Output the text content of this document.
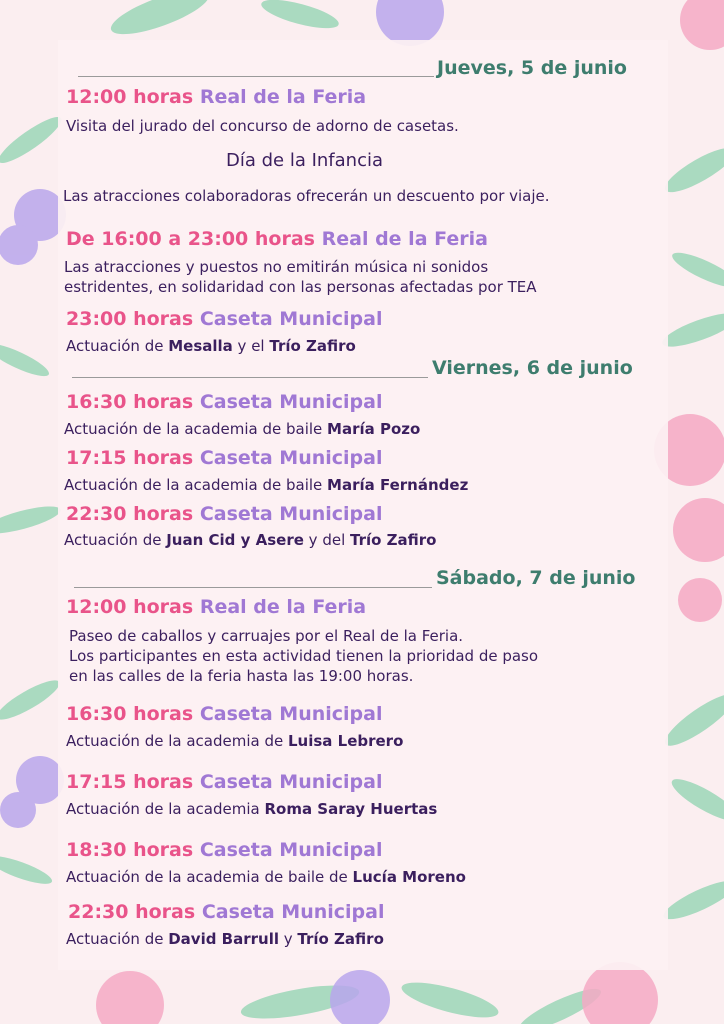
Jueves, 5 de junio
12:00 horas Real de la Feria
Visita del jurado del concurso de adorno de casetas.
Día de la Infancia
Las atracciones colaboradoras ofrecerán un descuento por viaje.
De 16:00 a 23:00 horas Real de la Feria
Las atracciones y puestos no emitirán música ni sonidos
estridentes, en solidaridad con las personas afectadas por TEA
23:00 horas Caseta Municipal
Actuación de Mesalla y el Trío Zafiro
Viernes, 6 de junio
16:30 horas Caseta Municipal
Actuación de la academia de baile María Pozo
17:15 horas Caseta Municipal
Actuación de la academia de baile María Fernández
22:30 horas Caseta Municipal
Actuación de Juan Cid y Asere y del Trío Zafiro
Sábado, 7 de junio
12:00 horas Real de la Feria
Paseo de caballos y carruajes por el Real de la Feria.
Los participantes en esta actividad tienen la prioridad de paso
en las calles de la feria hasta las 19:00 horas.
16:30 horas Caseta Municipal
Actuación de la academia de Luisa Lebrero
17:15 horas Caseta Municipal
Actuación de la academia Roma Saray Huertas
18:30 horas Caseta Municipal
Actuación de la academia de baile de Lucía Moreno
22:30 horas Caseta Municipal
Actuación de David Barrull y Trío Zafiro
